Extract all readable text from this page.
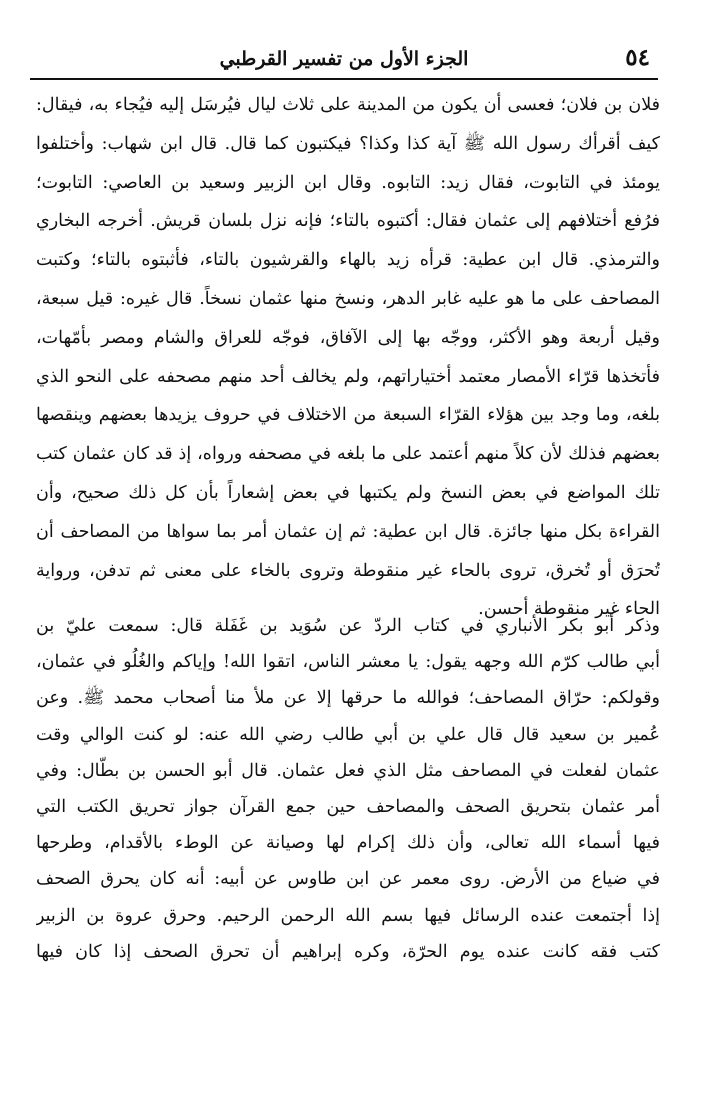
٥٤
الجزء الأول من تفسير القرطبي
فلان بن فلان؛ فعسى أن يكون من المدينة على ثلاث ليال فيُرسَل إليه فيُجاء به، فيقال:
كيف أقرأك رسول الله ﷺ آية كذا وكذا؟ فيكتبون كما قال. قال ابن شهاب: وأختلفوا
يومئذ في التابوت، فقال زيد: التابوه. وقال ابن الزبير وسعيد بن العاصي: التابوت؛
فرُفع أختلافهم إلى عثمان فقال: أكتبوه بالتاء؛ فإنه نزل بلسان قريش. أخرجه البخاري
والترمذي. قال ابن عطية: قرأه زيد بالهاء والقرشيون بالتاء، فأثبتوه بالتاء؛ وكتبت
المصاحف على ما هو عليه غابر الدهر، ونسخ منها عثمان نسخاً. قال غيره: قيل سبعة،
وقيل أربعة وهو الأكثر، ووجّه بها إلى الآفاق، فوجّه للعراق والشام ومصر بأمّهات،
فأتخذها قرّاء الأمصار معتمد أختياراتهم، ولم يخالف أحد منهم مصحفه على النحو الذي
بلغه، وما وجد بين هؤلاء القرّاء السبعة من الاختلاف في حروف يزيدها بعضهم وينقصها
بعضهم فذلك لأن كلاً منهم أعتمد على ما بلغه في مصحفه ورواه، إذ قد كان عثمان كتب
تلك المواضع في بعض النسخ ولم يكتبها في بعض إشعاراً بأن كل ذلك صحيح، وأن
القراءة بكل منها جائزة. قال ابن عطية: ثم إن عثمان أمر بما سواها من المصاحف أن
تُحرَق أو تُخرق، تروى بالحاء غير منقوطة وتروى بالخاء على معنى ثم تدفن، ورواية
الحاء غير منقوطة أحسن.
وذكر أبو بكر الأنباري في كتاب الردّ عن سُوَيد بن غَفَلة قال: سمعت عليّ بن
أبي طالب كرّم الله وجهه يقول: يا معشر الناس، اتقوا الله! وإياكم والغُلُو في عثمان،
وقولكم: حرّاق المصاحف؛ فوالله ما حرقها إلا عن ملأ منا أصحاب محمد ﷺ. وعن
عُمير بن سعيد قال قال علي بن أبي طالب رضي الله عنه: لو كنت الوالي وقت
عثمان لفعلت في المصاحف مثل الذي فعل عثمان. قال أبو الحسن بن بطّال: وفي
أمر عثمان بتحريق الصحف والمصاحف حين جمع القرآن جواز تحريق الكتب التي
فيها أسماء الله تعالى، وأن ذلك إكرام لها وصيانة عن الوطء بالأقدام، وطرحها
في ضياع من الأرض. روى معمر عن ابن طاوس عن أبيه: أنه كان يحرق الصحف
إذا أجتمعت عنده الرسائل فيها بسم الله الرحمن الرحيم. وحرق عروة بن الزبير
كتب فقه كانت عنده يوم الحرّة، وكره إبراهيم أن تحرق الصحف إذا كان فيها
